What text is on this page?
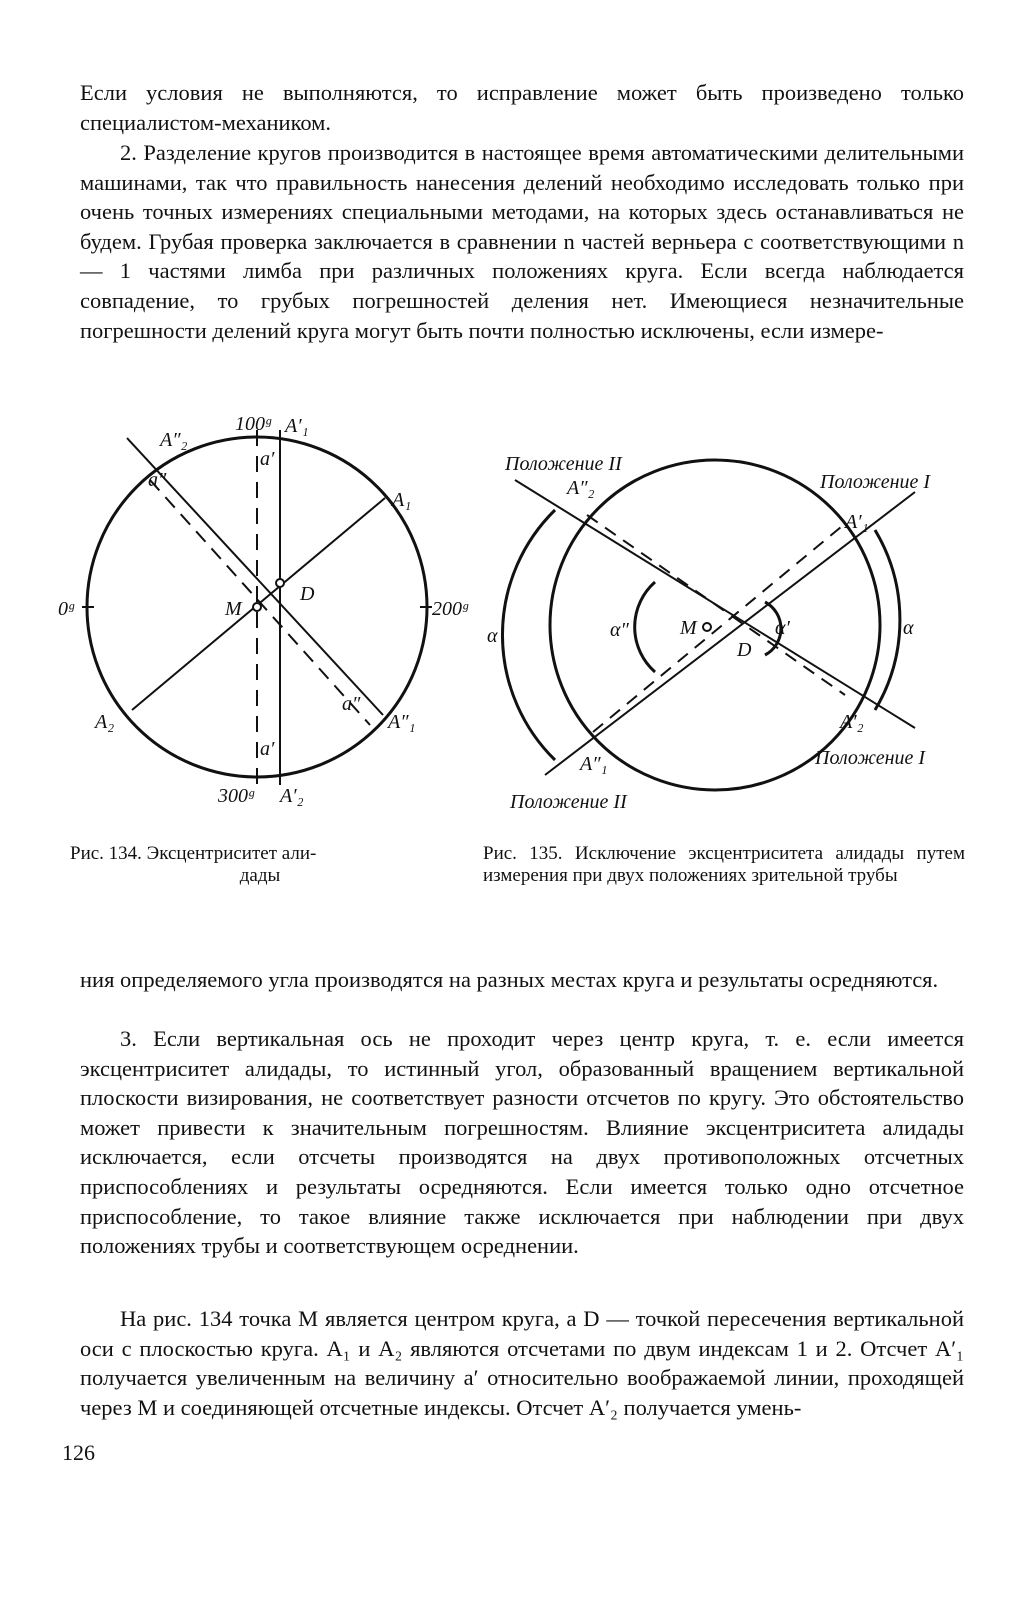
Если условия не выполняются, то исправление может быть произведено только специалистом-механиком.

2. Разделение кругов производится в настоящее время автоматическими делительными машинами, так что правильность нанесения делений необходимо исследовать только при очень точных измерениях специальными методами, на которых здесь останавливаться не будем. Грубая проверка заключается в сравнении n частей верньера с соответствующими n — 1 частями лимба при различных положениях круга. Если всегда наблюдается совпадение, то грубых погрешностей деления нет. Имеющиеся незначительные погрешности делений круга могут быть почти полностью исключены, если измере-

100ᵍ A′₁
A″₂
a′
a″
A₁
0ᵍ	200ᵍ
D
M
A₂
a″
A″₁
a′
300ᵍ A′₂
Положение II
Положение I
A″₂
A′₁
α	α
α″	α′
M
D
A′₂
A″₁	Положение I
Положение II

Рис. 134. Эксцентриситет али-
дады

Рис. 135. Исключение эксцентриситета алидады путем измерения при двух положениях зрительной трубы

ния определяемого угла производятся на разных местах круга и результаты осредняются.

3. Если вертикальная ось не проходит через центр круга, т. е. если имеется эксцентриситет алидады, то истинный угол, образованный вращением вертикальной плоскости визирования, не соответствует разности отсчетов по кругу. Это обстоятельство может привести к значительным погрешностям. Влияние эксцентриситета алидады исключается, если отсчеты производятся на двух противоположных отсчетных приспособлениях и результаты осредняются. Если имеется только одно отсчетное приспособление, то такое влияние также исключается при наблюдении при двух положениях трубы и соответствующем осреднении.

На рис. 134 точка M является центром круга, а D — точкой пересечения вертикальной оси с плоскостью круга. A₁ и A₂ являются отсчетами по двум индексам 1 и 2. Отсчет A′₁ получается увеличенным на величину a′ относительно воображаемой линии, проходящей через M и соединяющей отсчетные индексы. Отсчет A′₂ получается умень-

126
